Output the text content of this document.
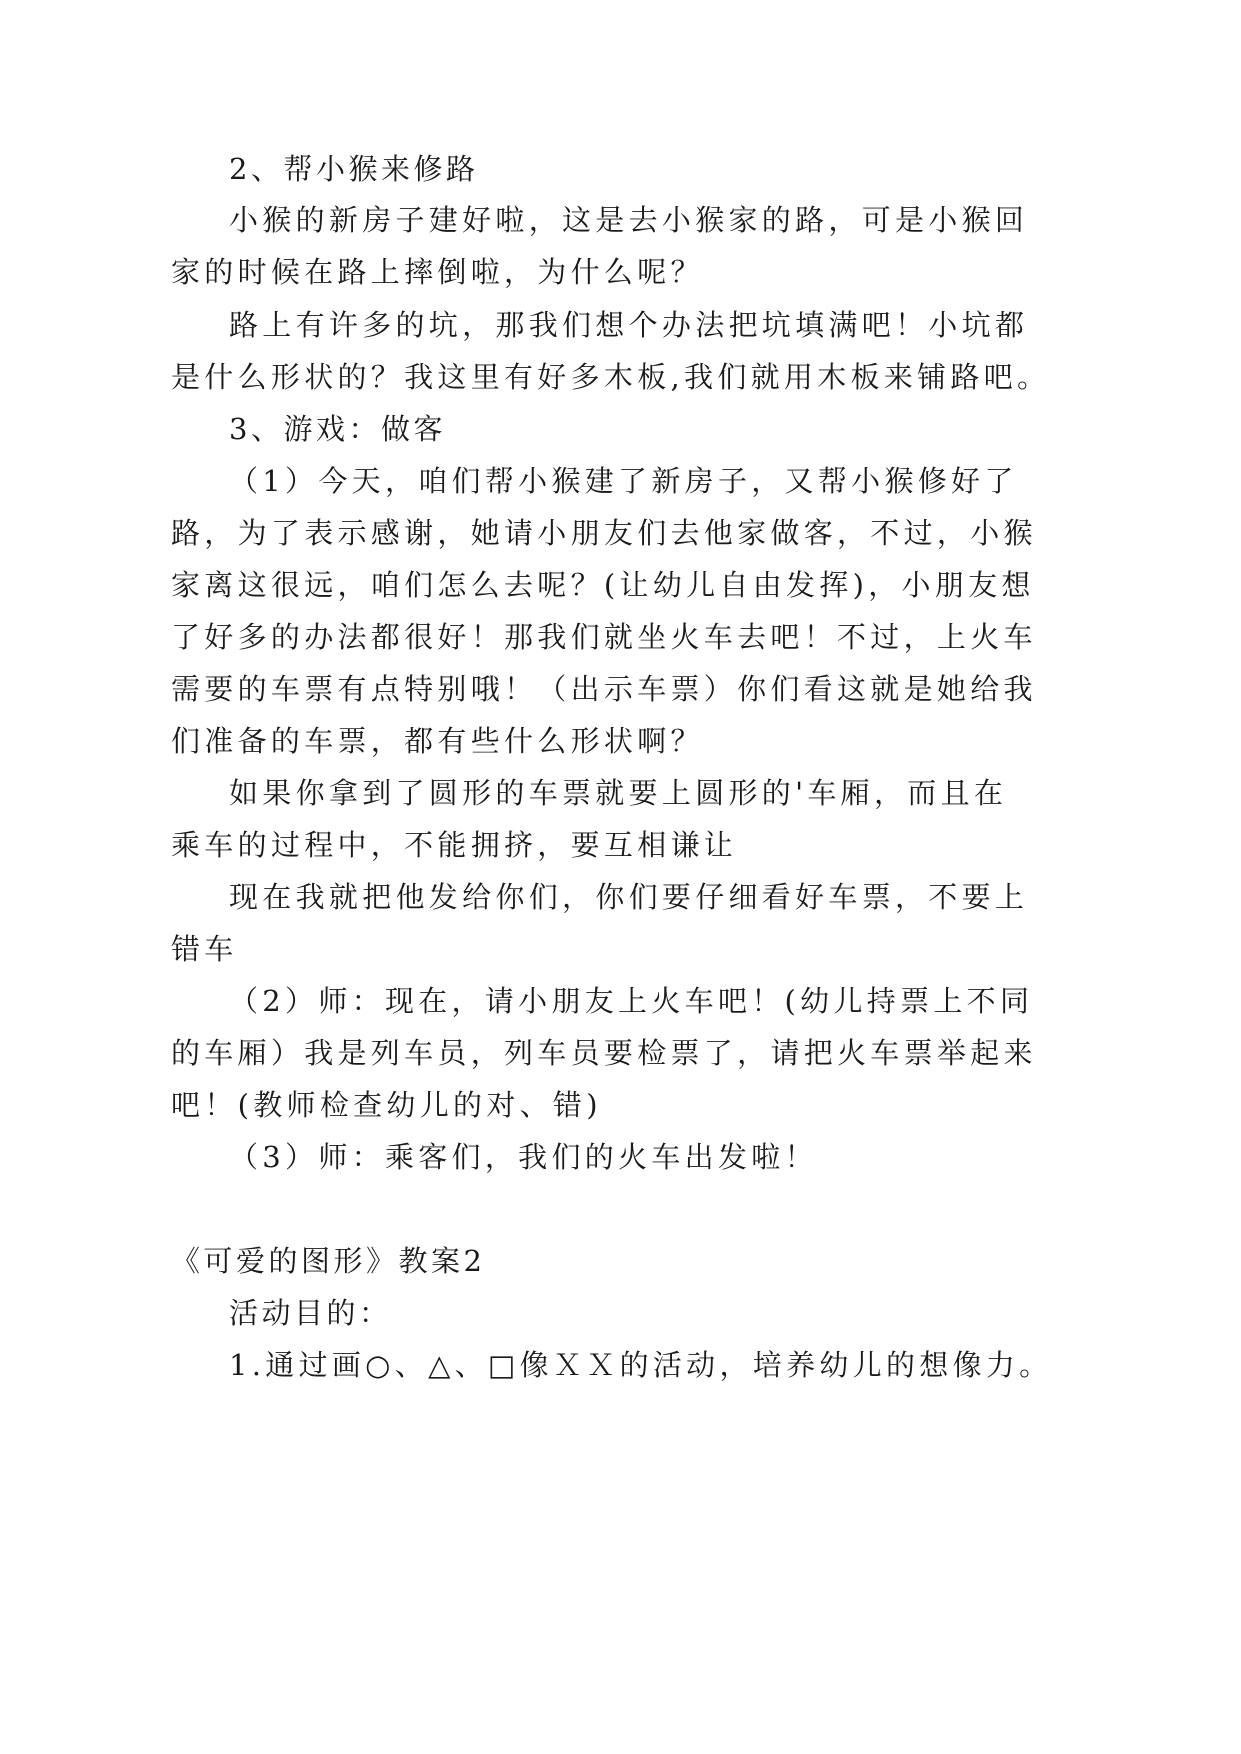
2、帮小猴来修路

小猴的新房子建好啦，这是去小猴家的路，可是小猴回

家的时候在路上摔倒啦，为什么呢？

路上有许多的坑，那我们想个办法把坑填满吧！小坑都

是什么形状的？我这里有好多木板,我们就用木板来铺路吧。

3、游戏：做客

（1）今天，咱们帮小猴建了新房子，又帮小猴修好了

路，为了表示感谢，她请小朋友们去他家做客，不过，小猴

家离这很远，咱们怎么去呢？(让幼儿自由发挥)，小朋友想

了好多的办法都很好！那我们就坐火车去吧！不过，上火车

需要的车票有点特别哦！（出示车票）你们看这就是她给我

们准备的车票，都有些什么形状啊？

如果你拿到了圆形的车票就要上圆形的'车厢，而且在

乘车的过程中，不能拥挤，要互相谦让

现在我就把他发给你们，你们要仔细看好车票，不要上

错车

（2）师：现在，请小朋友上火车吧！(幼儿持票上不同

的车厢）我是列车员，列车员要检票了，请把火车票举起来

吧！(教师检查幼儿的对、错)

（3）师：乘客们，我们的火车出发啦！

《可爱的图形》教案2

活动目的：

1.通过画○、△、□像ＸＸ的活动，培养幼儿的想像力。
